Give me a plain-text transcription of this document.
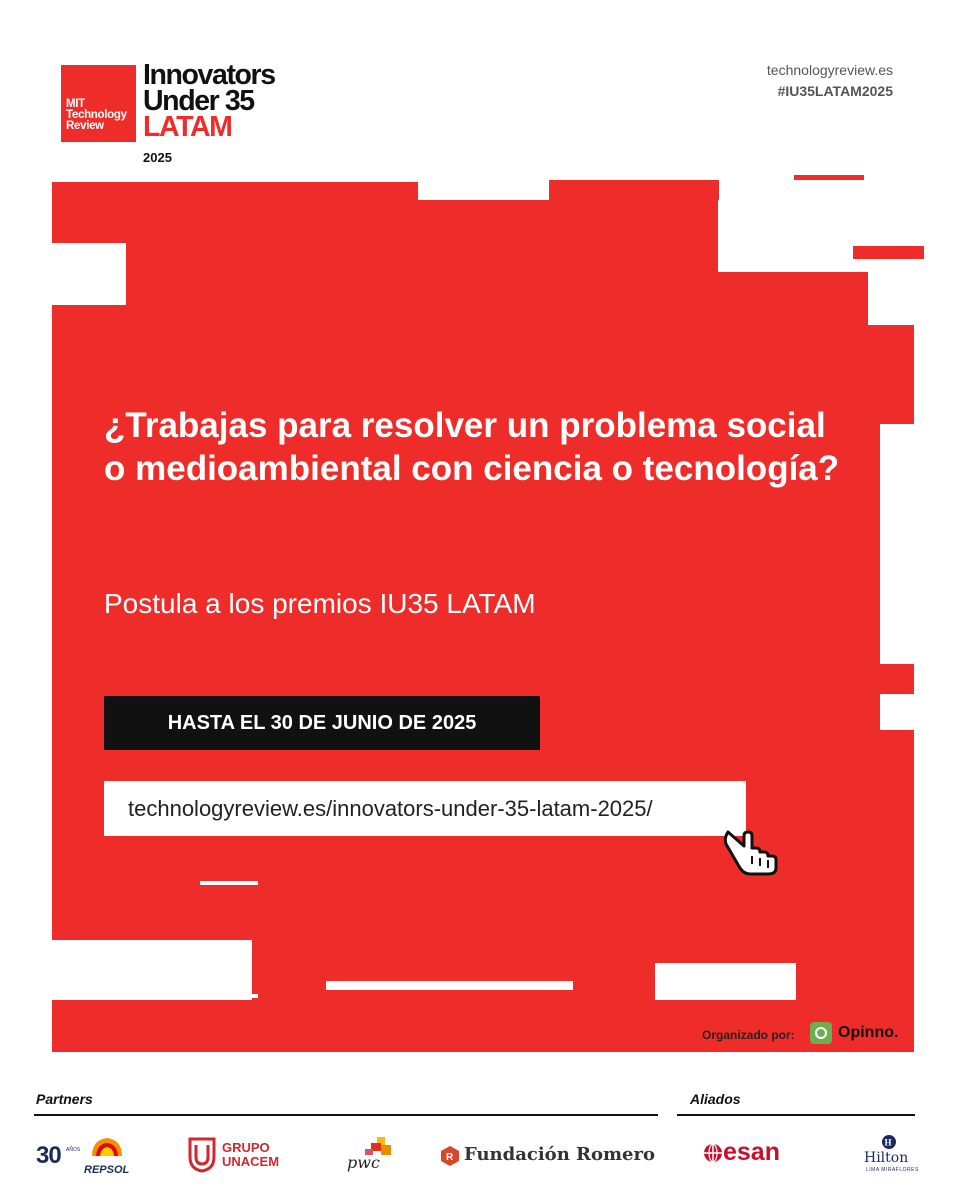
MIT
Technology
Review
Innovators
Under 35
LATAM
2025
technologyreview.es
#IU35LATAM2025
¿Trabajas para resolver un problema social o medioambiental con ciencia o tecnología?
Postula a los premios IU35 LATAM
HASTA EL 30 DE JUNIO DE 2025
technologyreview.es/innovators-under-35-latam-2025/
Organizado por:	Opinno.
Partners	Aliados
30 AÑOS
REPSOL
GRUPO
UNACEM	pwc	R Fundación Romero	esan	H
Hilton
LIMA MIRAFLORES
